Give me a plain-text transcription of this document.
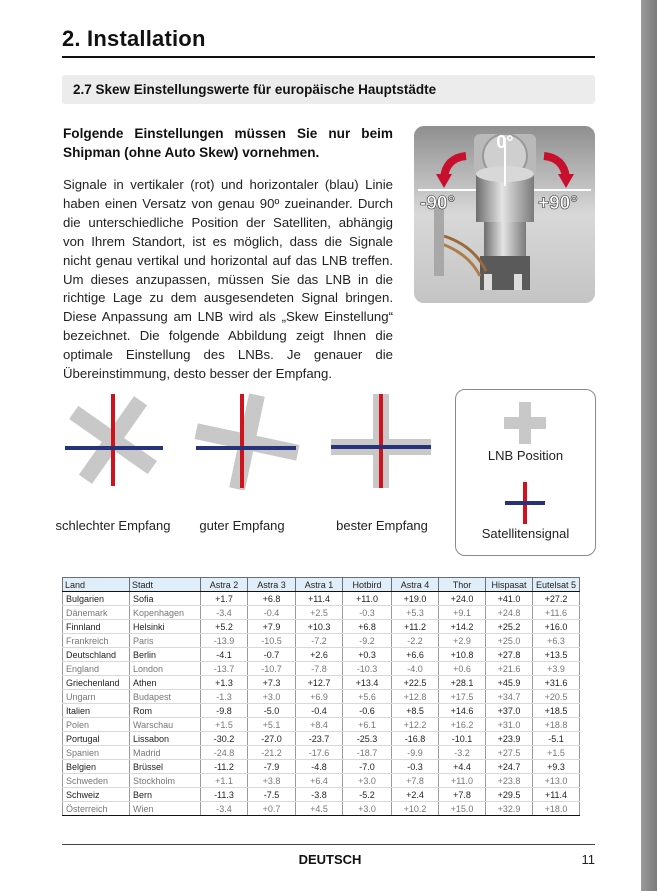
2. Installation
2.7 Skew Einstellungswerte für europäische Hauptstädte
Folgende Einstellungen müssen Sie nur beim Shipman (ohne Auto Skew) vornehmen.
Signale in vertikaler (rot) und horizontaler (blau) Linie haben einen Versatz von genau 90º zueinander. Durch die unterschiedliche Position der Satelliten, abhängig von Ihrem Standort, ist es möglich, dass die Signale nicht genau vertikal und horizontal auf das LNB treffen. Um dieses anzupassen, müssen Sie das LNB in die richtige Lage zu dem ausgesendeten Signal bringen. Diese Anpassung am LNB wird als „Skew Einstellung“ bezeichnet. Die folgende Abbildung zeigt Ihnen die optimale Einstellung des LNBs. Je genauer die Übereinstimmung, desto besser der Empfang.
0°
-90°	+90°
schlechter Empfang	guter Empfang	bester Empfang
LNB Position
Satellitensignal
Land	Stadt	Astra 2	Astra 3	Astra 1	Hotbird	Astra 4	Thor	Hispasat	Eutelsat 5
Bulgarien	Sofia	+1.7	+6.8	+11.4	+11.0	+19.0	+24.0	+41.0	+27.2
Dänemark	Kopenhagen	-3.4	-0.4	+2.5	-0.3	+5.3	+9.1	+24.8	+11.6
Finnland	Helsinki	+5.2	+7.9	+10.3	+6.8	+11.2	+14.2	+25.2	+16.0
Frankreich	Paris	-13.9	-10.5	-7.2	-9.2	-2.2	+2.9	+25.0	+6.3
Deutschland	Berlin	-4.1	-0.7	+2.6	+0.3	+6.6	+10.8	+27.8	+13.5
England	London	-13.7	-10.7	-7.8	-10.3	-4.0	+0.6	+21.6	+3.9
Griechenland	Athen	+1.3	+7.3	+12.7	+13.4	+22.5	+28.1	+45.9	+31.6
Ungarn	Budapest	-1.3	+3.0	+6.9	+5.6	+12.8	+17.5	+34.7	+20.5
Italien	Rom	-9.8	-5.0	-0.4	-0.6	+8.5	+14.6	+37.0	+18.5
Polen	Warschau	+1.5	+5.1	+8.4	+6.1	+12.2	+16.2	+31.0	+18.8
Portugal	Lissabon	-30.2	-27.0	-23.7	-25.3	-16.8	-10.1	+23.9	-5.1
Spanien	Madrid	-24.8	-21.2	-17.6	-18.7	-9.9	-3.2	+27.5	+1.5
Belgien	Brüssel	-11.2	-7.9	-4.8	-7.0	-0.3	+4.4	+24.7	+9.3
Schweden	Stockholm	+1.1	+3.8	+6.4	+3.0	+7.8	+11.0	+23.8	+13.0
Schweiz	Bern	-11.3	-7.5	-3.8	-5.2	+2.4	+7.8	+29.5	+11.4
Österreich	Wien	-3.4	+0.7	+4.5	+3.0	+10.2	+15.0	+32.9	+18.0
DEUTSCH	11
